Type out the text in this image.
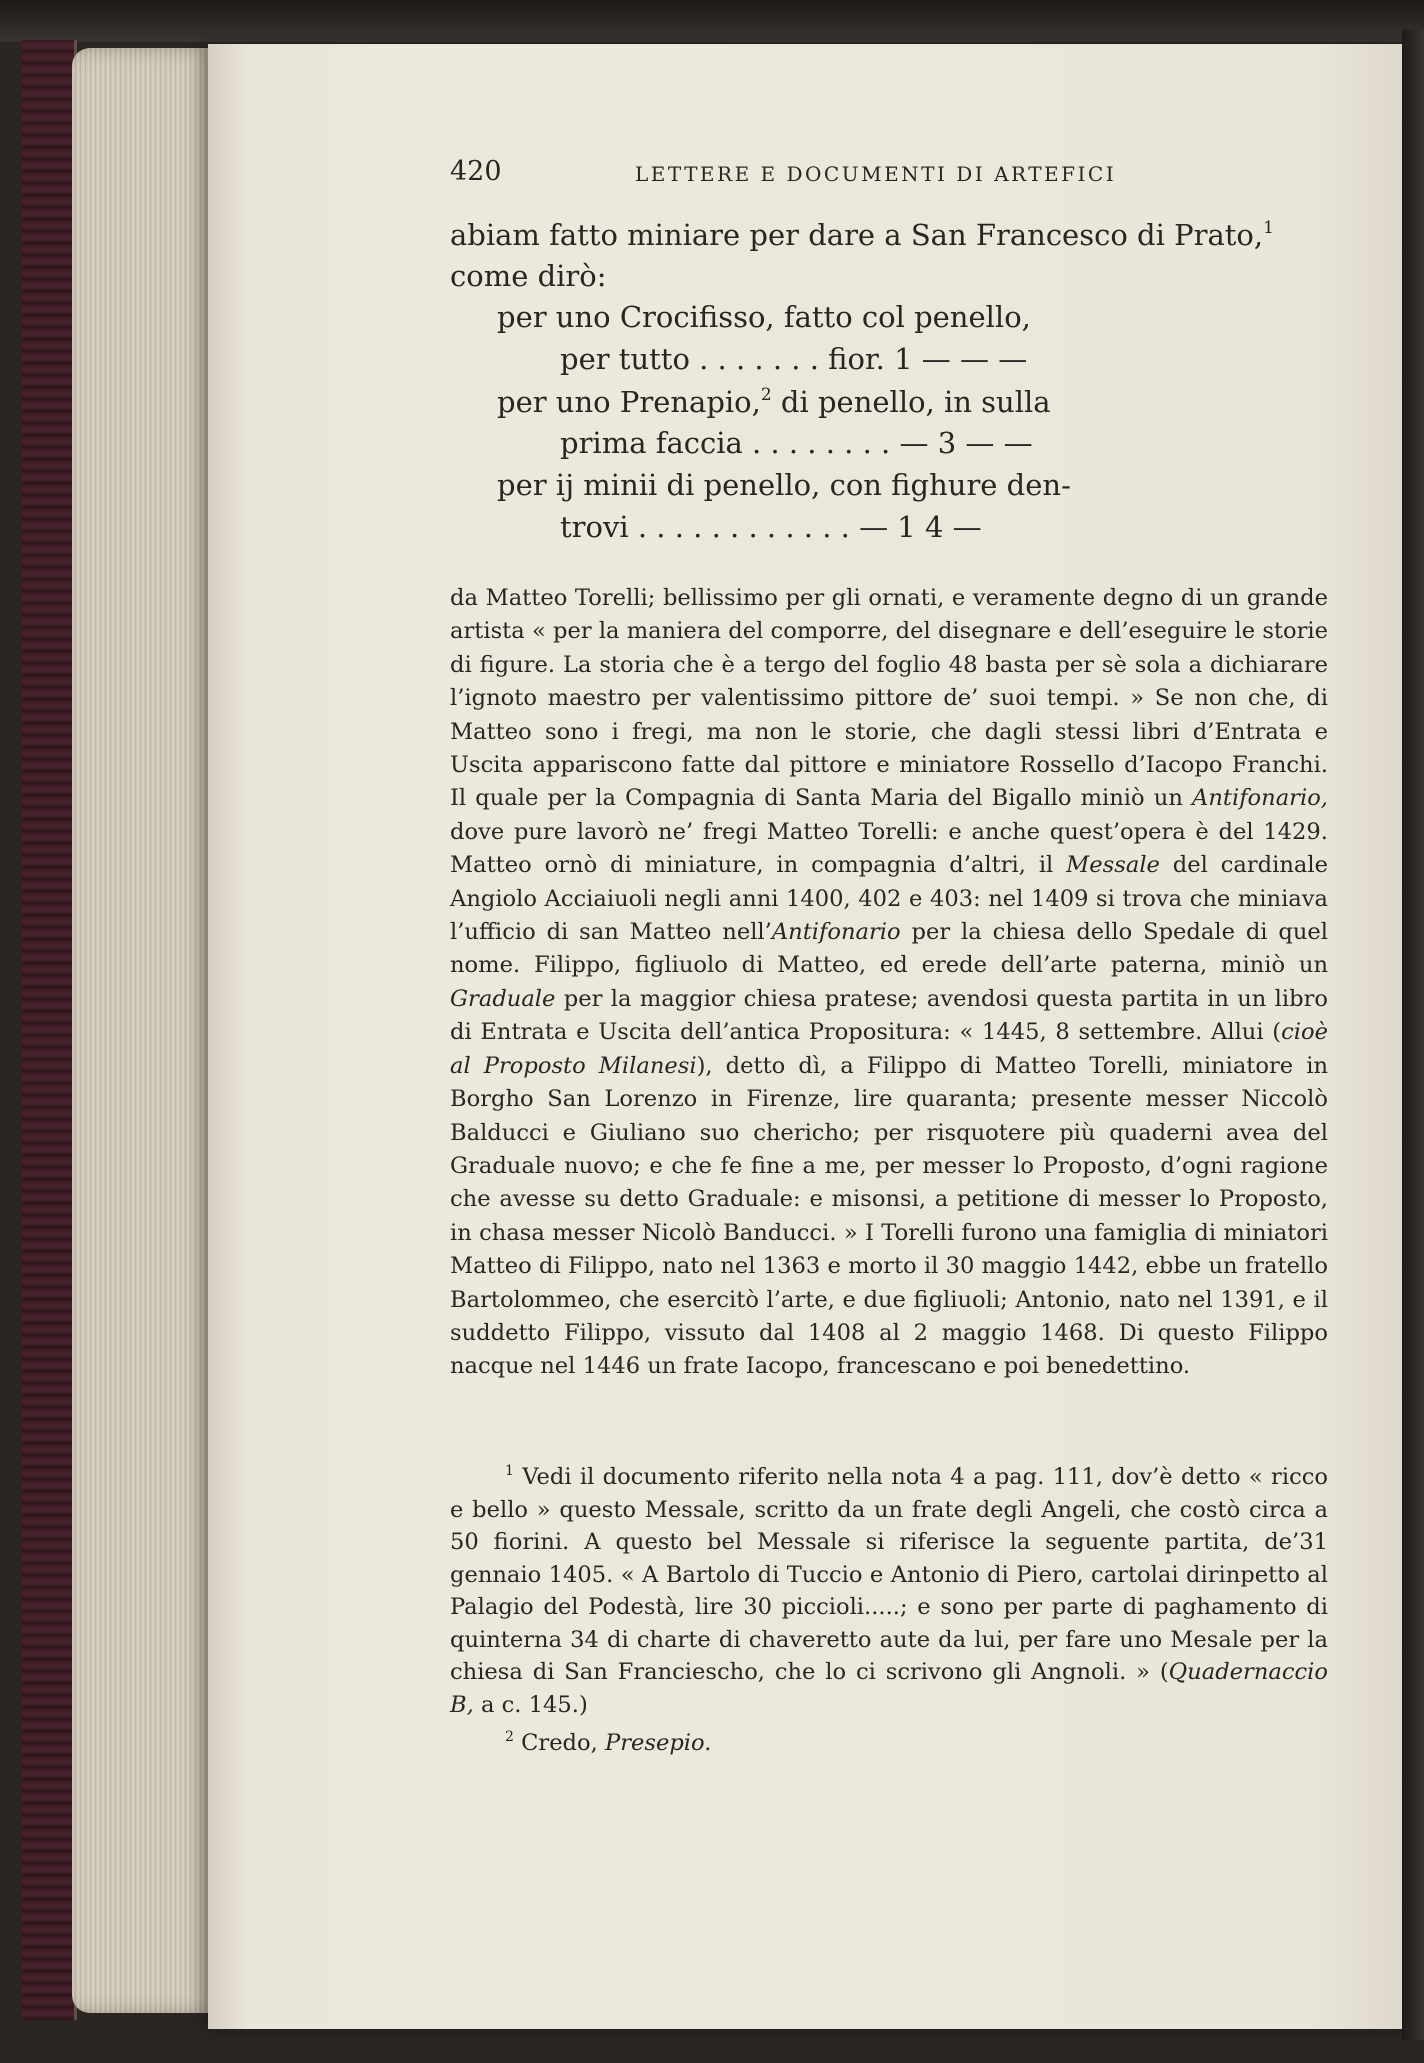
420	LETTERE E DOCUMENTI DI ARTEFICI
abiam fatto miniare per dare a San Francesco di Prato,$^1$
come dirò:
per uno Crocifisso, fatto col penello,
per tutto . . . . . . . fior. 1 — — —
per uno Prenapio,$^2$ di penello, in sulla
prima faccia . . . . . . . . — 3 — —
per ij minii di penello, con fighure den-
trovi . . . . . . . . . . . . — 1 4 —

da Matteo Torelli; bellissimo per gli ornati, e veramente degno di un grande artista « per la maniera del comporre, del disegnare e dell’eseguire le storie di figure. La storia che è a tergo del foglio 48 basta per sè sola a dichiarare l’ignoto maestro per valentissimo pittore de’ suoi tempi. » Se non che, di Matteo sono i fregi, ma non le storie, che dagli stessi libri d’Entrata e Uscita appariscono fatte dal pittore e miniatore Rossello d’Iacopo Franchi. Il quale per la Compagnia di Santa Maria del Bigallo miniò un Antifonario, dove pure lavorò ne’ fregi Matteo Torelli: e anche quest’opera è del 1429. Matteo ornò di miniature, in compagnia d’altri, il Messale del cardinale Angiolo Acciaiuoli negli anni 1400, 402 e 403: nel 1409 si trova che miniava l’ufficio di san Matteo nell’Antifonario per la chiesa dello Spedale di quel nome. Filippo, figliuolo di Matteo, ed erede dell’arte paterna, miniò un Graduale per la maggior chiesa pratese; avendosi questa partita in un libro di Entrata e Uscita dell’antica Propositura: « 1445, 8 settembre. Allui (cioè al Proposto Milanesi), detto dì, a Filippo di Matteo Torelli, miniatore in Borgho San Lorenzo in Firenze, lire quaranta; presente messer Niccolò Balducci e Giuliano suo chericho; per risquotere più quaderni avea del Graduale nuovo; e che fe fine a me, per messer lo Proposto, d’ogni ragione che avesse su detto Graduale: e misonsi, a petitione di messer lo Proposto, in chasa messer Nicolò Banducci. » I Torelli furono una famiglia di miniatori Matteo di Filippo, nato nel 1363 e morto il 30 maggio 1442, ebbe un fratello Bartolommeo, che esercitò l’arte, e due figliuoli; Antonio, nato nel 1391, e il suddetto Filippo, vissuto dal 1408 al 2 maggio 1468. Di questo Filippo nacque nel 1446 un frate Iacopo, francescano e poi benedettino.

$^1$ Vedi il documento riferito nella nota 4 a pag. 111, dov’è detto « ricco e bello » questo Messale, scritto da un frate degli Angeli, che costò circa a 50 fiorini. A questo bel Messale si riferisce la seguente partita, de’31 gennaio 1405. « A Bartolo di Tuccio e Antonio di Piero, cartolai dirinpetto al Palagio del Podestà, lire 30 piccioli.....; e sono per parte di paghamento di quinterna 34 di charte di chaveretto aute da lui, per fare uno Mesale per la chiesa di San Franciescho, che lo ci scrivono gli Angnoli. » (Quadernaccio B, a c. 145.)

$^2$ Credo, Presepio.
